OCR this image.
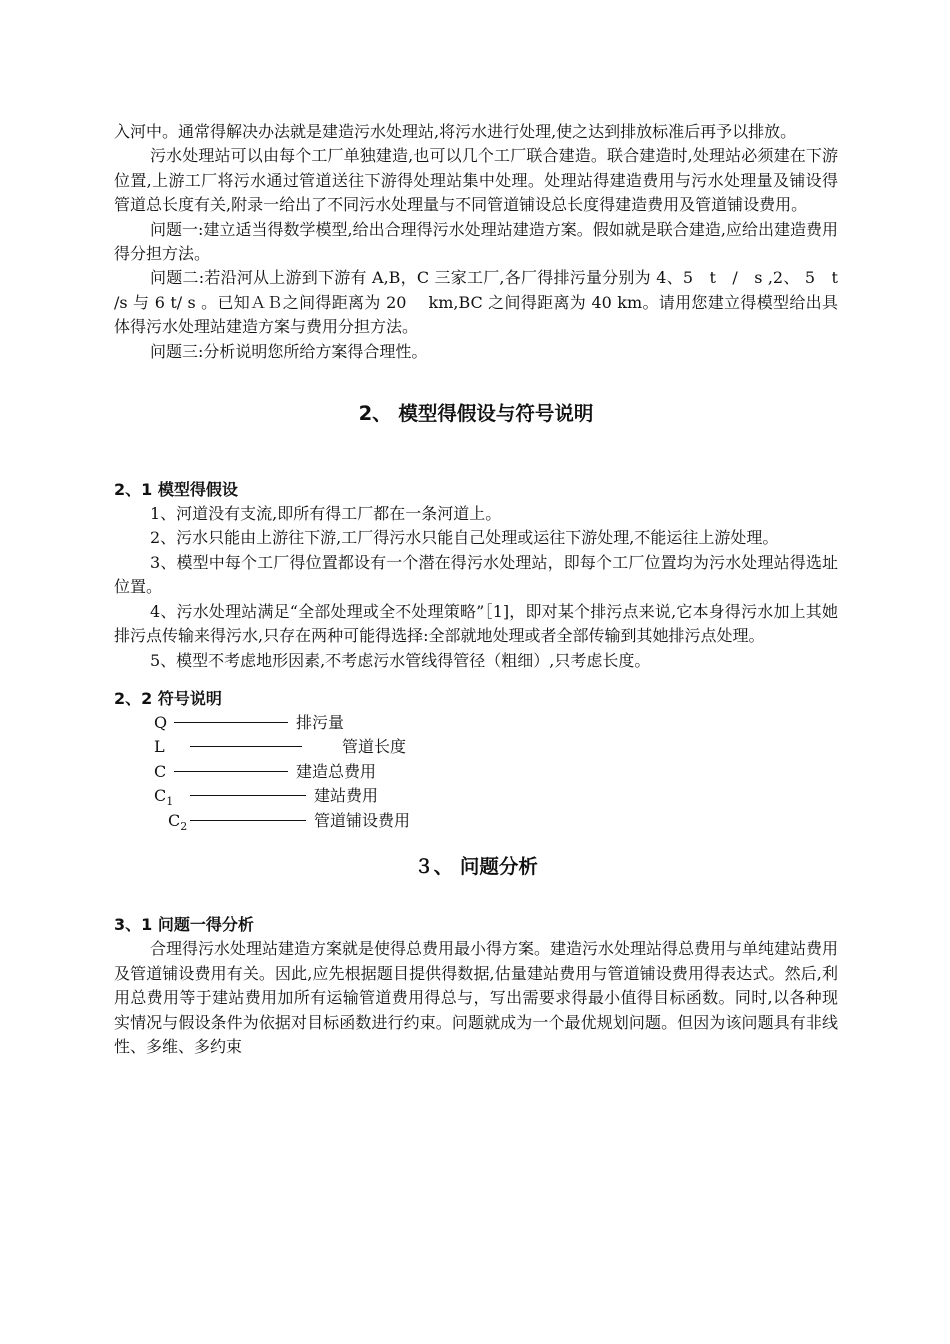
入河中。通常得解决办法就是建造污水处理站,将污水进行处理,使之达到排放标准后再予以排放。

污水处理站可以由每个工厂单独建造,也可以几个工厂联合建造。联合建造时,处理站必须建在下游位置,上游工厂将污水通过管道送往下游得处理站集中处理。处理站得建造费用与污水处理量及铺设得管道总长度有关,附录一给出了不同污水处理量与不同管道铺设总长度得建造费用及管道铺设费用。

问题一:建立适当得数学模型,给出合理得污水处理站建造方案。假如就是联合建造,应给出建造费用得分担方法。

问题二:若沿河从上游到下游有 A,B，C 三家工厂,各厂得排污量分别为 4、5　t　/　s ,2、 5　t /s 与 6 t/ s 。已知ＡＢ之间得距离为 20　 km,BC 之间得距离为 40 km。请用您建立得模型给出具体得污水处理站建造方案与费用分担方法。

问题三:分析说明您所给方案得合理性。

2、 模型得假设与符号说明
2、1 模型得假设

1、河道没有支流,即所有得工厂都在一条河道上。

2、污水只能由上游往下游,工厂得污水只能自己处理或运往下游处理,不能运往上游处理。

3、模型中每个工厂得位置都设有一个潜在得污水处理站，即每个工厂位置均为污水处理站得选址位置。

4、污水处理站满足“全部处理或全不处理策略”［1]，即对某个排污点来说,它本身得污水加上其她排污点传输来得污水,只存在两种可能得选择:全部就地处理或者全部传输到其她排污点处理。

5、模型不考虑地形因素,不考虑污水管线得管径（粗细）,只考虑长度。

2、2 符号说明
Q	排污量
L	管道长度
C	建造总费用
$C_1$	建站费用
$C_2$	管道铺设费用
３、 问题分析
3、1 问题一得分析

合理得污水处理站建造方案就是使得总费用最小得方案。建造污水处理站得总费用与单纯建站费用及管道铺设费用有关。因此,应先根据题目提供得数据,估量建站费用与管道铺设费用得表达式。然后,利用总费用等于建站费用加所有运输管道费用得总与，写出需要求得最小值得目标函数。同时,以各种现实情况与假设条件为依据对目标函数进行约束。问题就成为一个最优规划问题。但因为该问题具有非线性、多维、多约束
